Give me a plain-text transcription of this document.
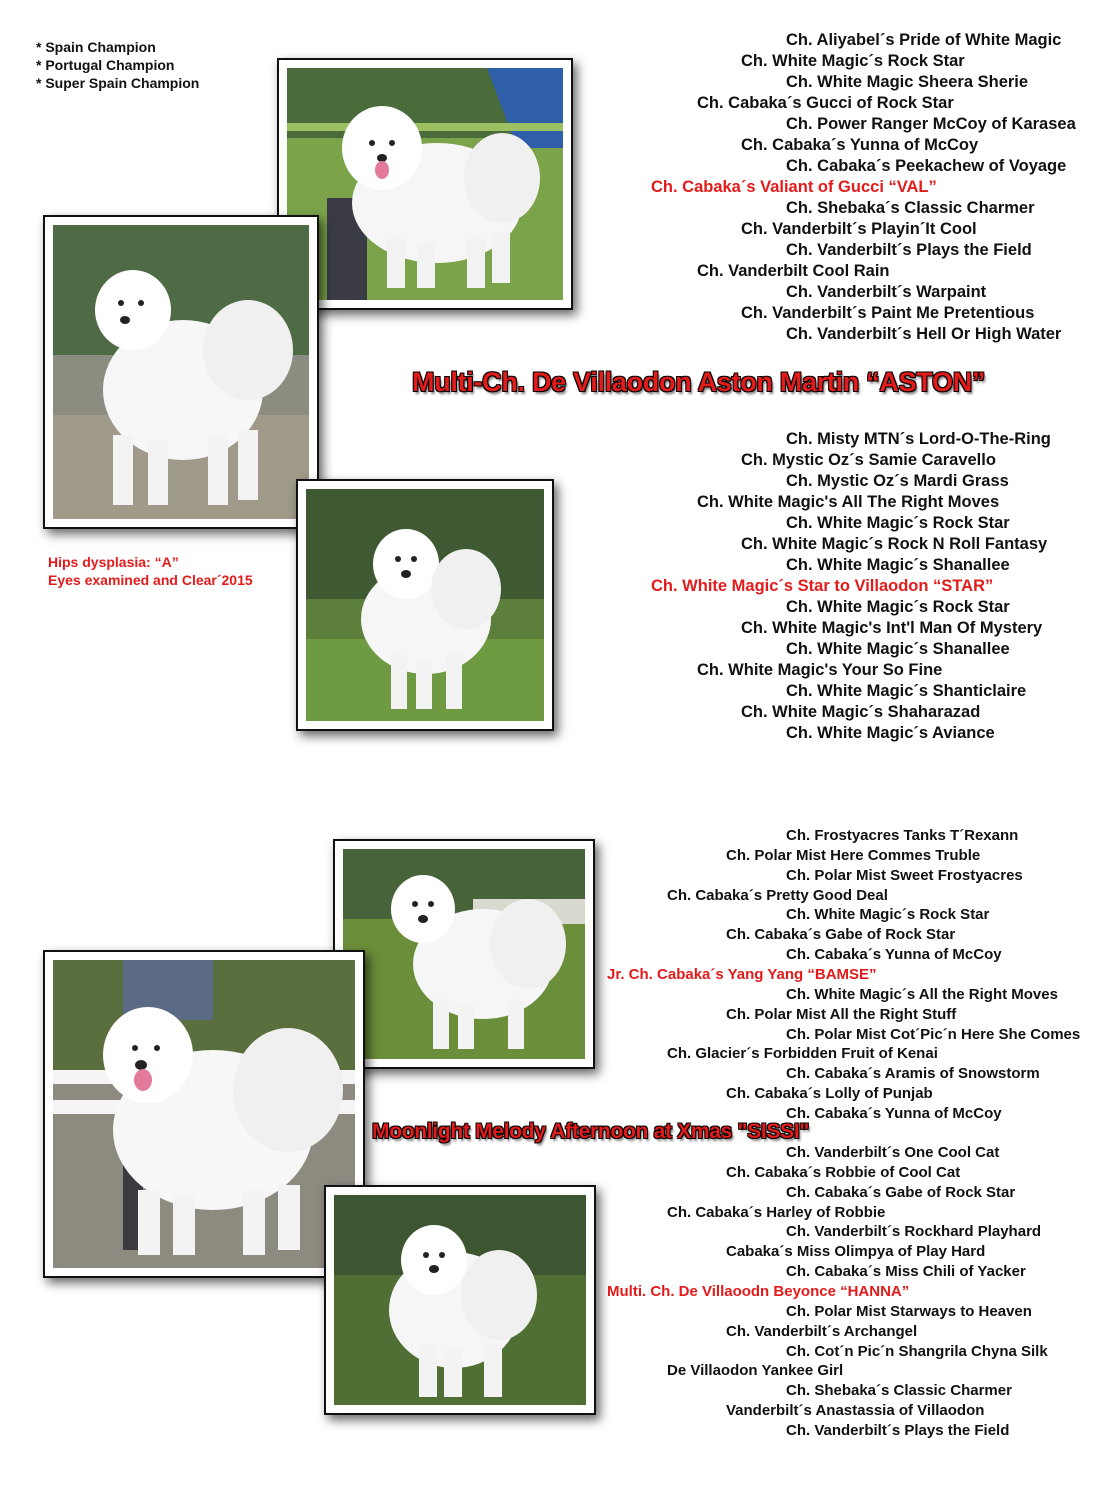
* Spain Champion
* Portugal Champion
* Super Spain Champion
Hips dysplasia: “A”
Eyes examined and Clear´2015
Multi-Ch. De Villaodon Aston Martin “ASTON”
Moonlight Melody Afternoon at Xmas "SISSI"
Ch. Aliyabel´s Pride of White Magic
Ch. White Magic´s Rock Star
Ch. White Magic Sheera Sherie
Ch. Cabaka´s Gucci of Rock Star
Ch. Power Ranger McCoy of Karasea
Ch. Cabaka´s Yunna of McCoy
Ch. Cabaka´s Peekachew of Voyage
Ch. Cabaka´s Valiant of Gucci “VAL”
Ch. Shebaka´s Classic Charmer
Ch. Vanderbilt´s Playin´It Cool
Ch. Vanderbilt´s Plays the Field
Ch. Vanderbilt Cool Rain
Ch. Vanderbilt´s Warpaint
Ch. Vanderbilt´s Paint Me Pretentious
Ch. Vanderbilt´s Hell Or High Water
Ch. Misty MTN´s Lord-O-The-Ring
Ch. Mystic Oz´s Samie Caravello
Ch. Mystic Oz´s Mardi Grass
Ch. White Magic's All The Right Moves
Ch. White Magic´s Rock Star
Ch. White Magic´s Rock N Roll Fantasy
Ch. White Magic´s Shanallee
Ch. White Magic´s Star to Villaodon “STAR”
Ch. White Magic´s Rock Star
Ch. White Magic's Int'l Man Of Mystery
Ch. White Magic´s Shanallee
Ch. White Magic's Your So Fine
Ch. White Magic´s Shanticlaire
Ch. White Magic´s Shaharazad
Ch. White Magic´s Aviance
Ch. Frostyacres Tanks T´Rexann
Ch. Polar Mist Here Commes Truble
Ch. Polar Mist Sweet Frostyacres
Ch. Cabaka´s Pretty Good Deal
Ch. White Magic´s Rock Star
Ch. Cabaka´s Gabe of Rock Star
Ch. Cabaka´s Yunna of McCoy
Jr. Ch. Cabaka´s Yang Yang “BAMSE”
Ch. White Magic´s All the Right Moves
Ch. Polar Mist All the Right Stuff
Ch. Polar Mist Cot´Pic´n Here She Comes
Ch. Glacier´s Forbidden Fruit of Kenai
Ch. Cabaka´s Aramis of Snowstorm
Ch. Cabaka´s Lolly of Punjab
Ch. Cabaka´s Yunna of McCoy
Ch. Vanderbilt´s One Cool Cat
Ch. Cabaka´s Robbie of Cool Cat
Ch. Cabaka´s Gabe of Rock Star
Ch. Cabaka´s Harley of Robbie
Ch. Vanderbilt´s Rockhard Playhard
Cabaka´s Miss Olimpya of Play Hard
Ch. Cabaka´s Miss Chili of Yacker
Multi. Ch. De Villaoodn Beyonce “HANNA”
Ch. Polar Mist Starways to Heaven
Ch. Vanderbilt´s Archangel
Ch. Cot´n Pic´n Shangrila Chyna Silk
De Villaodon Yankee Girl
Ch. Shebaka´s Classic Charmer
Vanderbilt´s Anastassia of Villaodon
Ch. Vanderbilt´s Plays the Field
